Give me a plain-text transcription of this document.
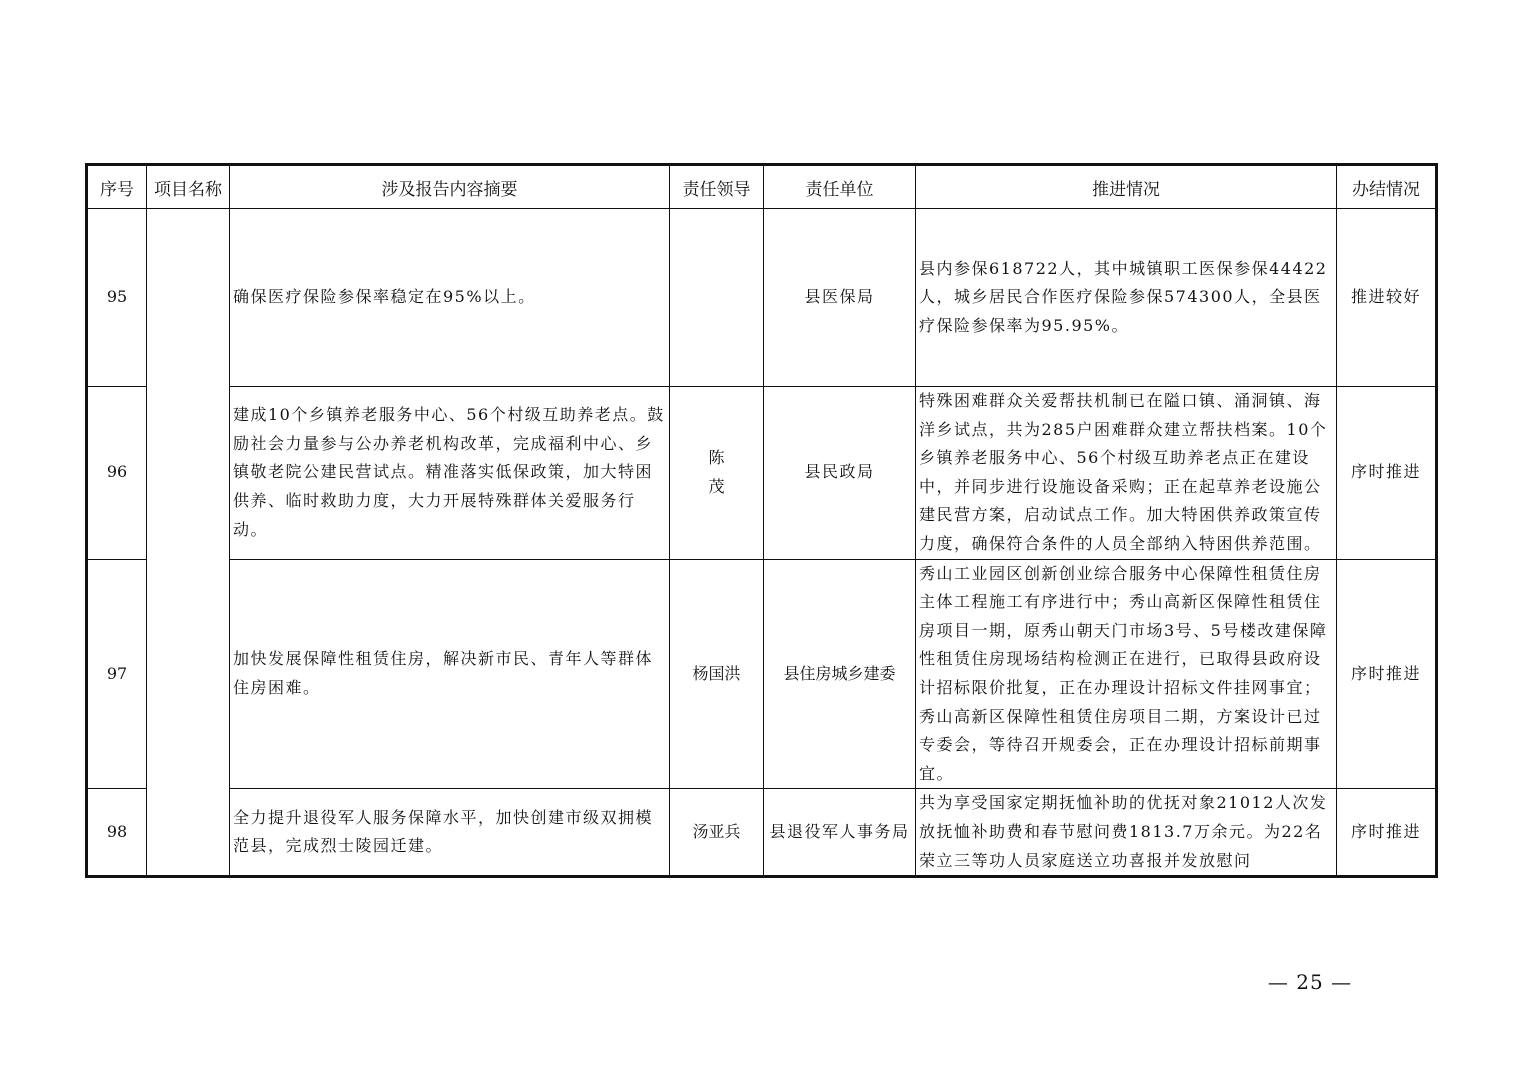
序号	项目名称	涉及报告内容摘要	责任领导	责任单位	推进情况	办结情况
95		确保医疗保险参保率稳定在95%以上。		县医保局	县内参保618722人，其中城镇职工医保参保44422人，城乡居民合作医疗保险参保574300人，全县医疗保险参保率为95.95%。	推进较好
96		建成10个乡镇养老服务中心、56个村级互助养老点。鼓励社会力量参与公办养老机构改革，完成福利中心、乡镇敬老院公建民营试点。精准落实低保政策，加大特困供养、临时救助力度，大力开展特殊群体关爱服务行动。	陈茂	县民政局	特殊困难群众关爱帮扶机制已在隘口镇、涌洞镇、海洋乡试点，共为285户困难群众建立帮扶档案。10个乡镇养老服务中心、56个村级互助养老点正在建设中，并同步进行设施设备采购；正在起草养老设施公建民营方案，启动试点工作。加大特困供养政策宣传力度，确保符合条件的人员全部纳入特困供养范围。	序时推进
97		加快发展保障性租赁住房，解决新市民、青年人等群体住房困难。	杨国洪	县住房城乡建委	秀山工业园区创新创业综合服务中心保障性租赁住房主体工程施工有序进行中；秀山高新区保障性租赁住房项目一期，原秀山朝天门市场3号、5号楼改建保障性租赁住房现场结构检测正在进行，已取得县政府设计招标限价批复，正在办理设计招标文件挂网事宜；秀山高新区保障性租赁住房项目二期，方案设计已过专委会，等待召开规委会，正在办理设计招标前期事宜。	序时推进
98		全力提升退役军人服务保障水平，加快创建市级双拥模范县，完成烈士陵园迁建。	汤亚兵	县退役军人事务局	共为享受国家定期抚恤补助的优抚对象21012人次发放抚恤补助费和春节慰问费1813.7万余元。为22名荣立三等功人员家庭送立功喜报并发放慰问	序时推进
— 25 —
